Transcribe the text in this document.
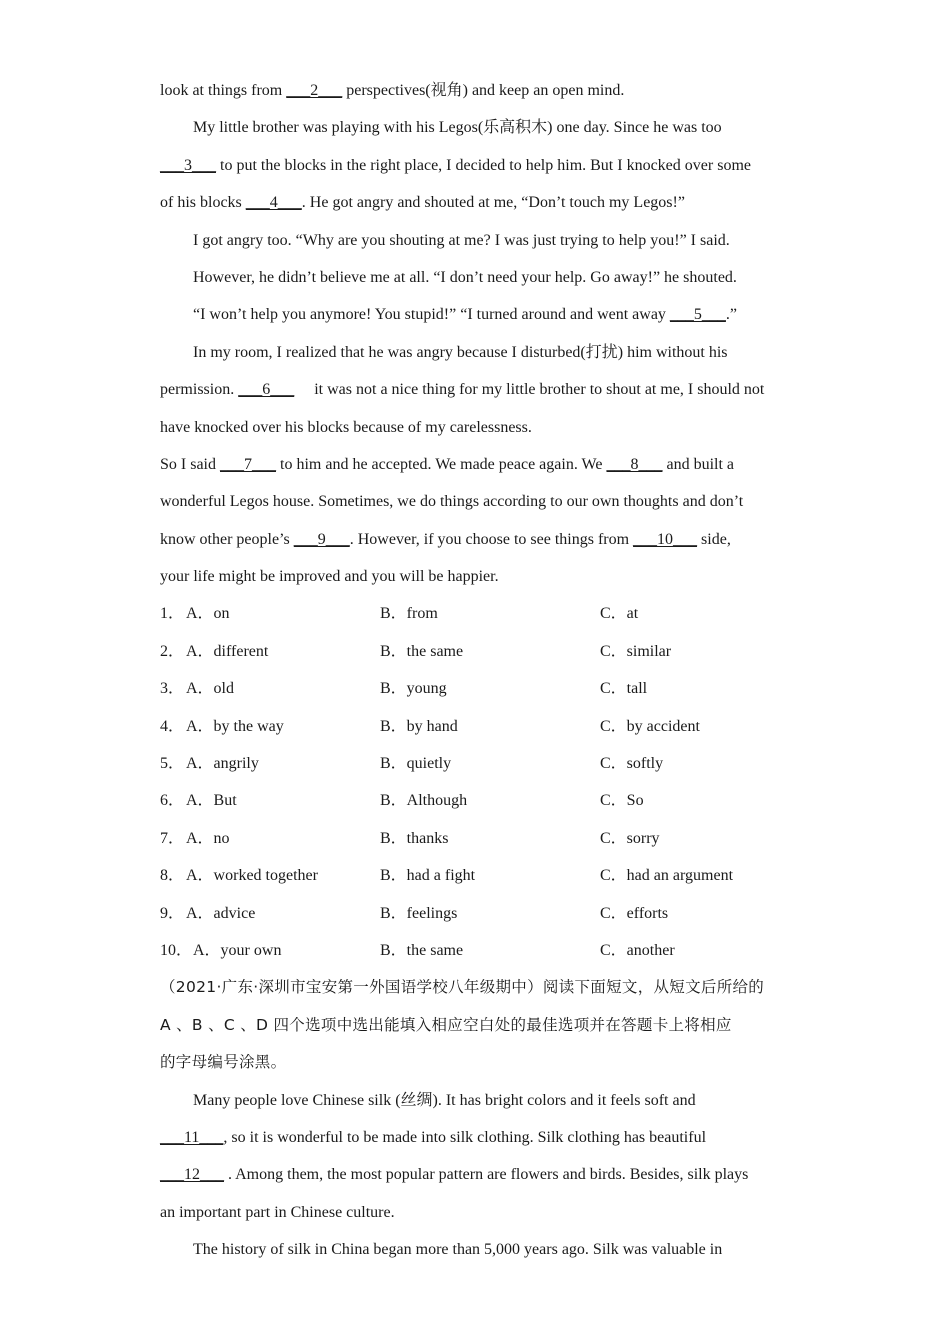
look at things from ___2___ perspectives(视角) and keep an open mind.
My little brother was playing with his Legos(乐高积木) one day. Since he was too
___3___ to put the blocks in the right place, I decided to help him. But I knocked over some
of his blocks ___4___. He got angry and shouted at me, “Don’t touch my Legos!”
I got angry too. “Why are you shouting at me? I was just trying to help you!” I said.
However, he didn’t believe me at all. “I don’t need your help. Go away!” he shouted.
“I won’t help you anymore! You stupid!” “I turned around and went away ___5___.”
In my room, I realized that he was angry because I disturbed(打扰) him without his
permission. ___6___     it was not a nice thing for my little brother to shout at me, I should not
have knocked over his blocks because of my carelessness.
So I said ___7___ to him and he accepted. We made peace again. We ___8___ and built a
wonderful Legos house. Sometimes, we do things according to our own thoughts and don’t
know other people’s ___9___. However, if you choose to see things from ___10___ side,
your life might be improved and you will be happier.
1． A．on	B．from	C．at
2． A．different	B．the same	C．similar
3． A．old	B．young	C．tall
4． A．by the way	B．by hand	C．by accident
5． A．angrily	B．quietly	C．softly
6． A．But	B．Although	C．So
7． A．no	B．thanks	C．sorry
8． A．worked together	B．had a fight	C．had an argument
9． A．advice	B．feelings	C．efforts
10． A．your own	B．the same	C．another
（2021·广东·深圳市宝安第一外国语学校八年级期中）阅读下面短文，从短文后所给的
A 、B 、C 、D 四个选项中选出能填入相应空白处的最佳选项并在答题卡上将相应
的字母编号涂黑。
Many people love Chinese silk (丝绸). It has bright colors and it feels soft and
___11___, so it is wonderful to be made into silk clothing. Silk clothing has beautiful
___12___ . Among them, the most popular pattern are flowers and birds. Besides, silk plays
an important part in Chinese culture.
The history of silk in China began more than 5,000 years ago. Silk was valuable in
